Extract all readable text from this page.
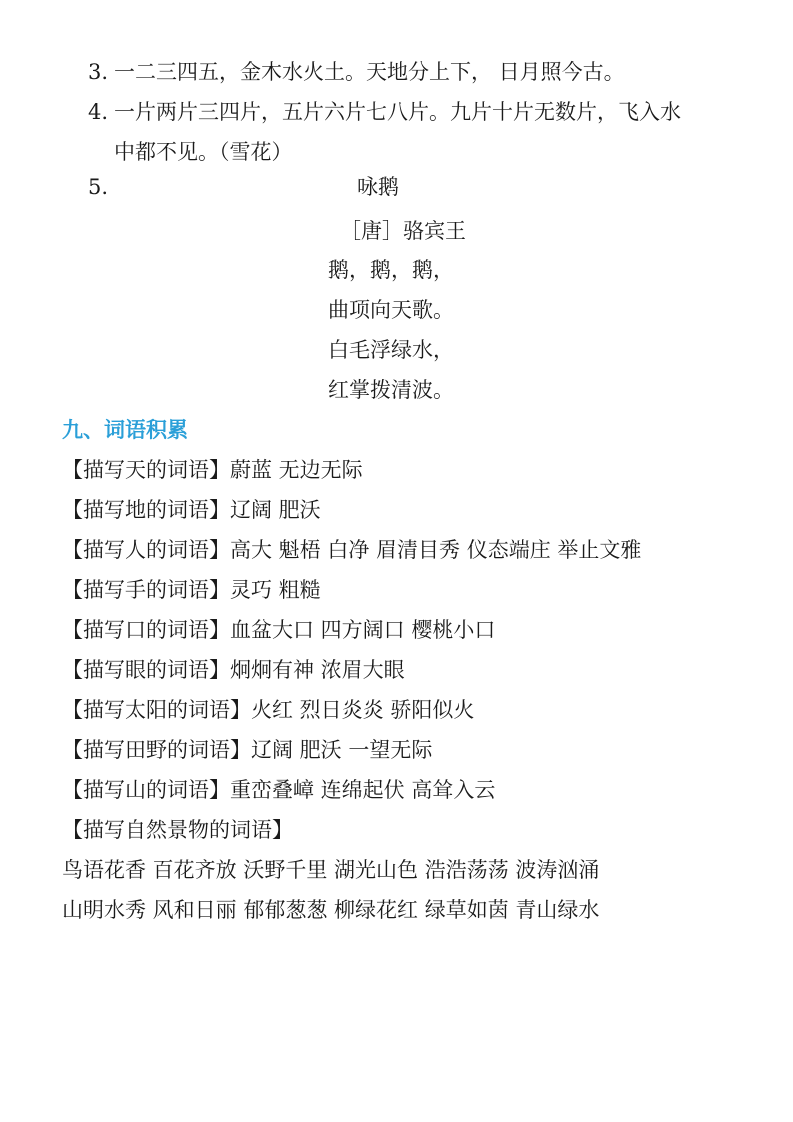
3. 一二三四五，金木水火土。天地分上下， 日月照今古。
4. 一片两片三四片，五片六片七八片。九片十片无数片，飞入水
中都不见。（雪花）
5.	咏鹅
［唐］骆宾王
鹅，鹅，鹅，
曲项向天歌。
白毛浮绿水，
红掌拨清波。
九、词语积累
【描写天的词语】蔚蓝 无边无际
【描写地的词语】辽阔 肥沃
【描写人的词语】高大 魁梧 白净 眉清目秀 仪态端庄 举止文雅
【描写手的词语】灵巧 粗糙
【描写口的词语】血盆大口 四方阔口 樱桃小口
【描写眼的词语】炯炯有神 浓眉大眼
【描写太阳的词语】火红 烈日炎炎 骄阳似火
【描写田野的词语】辽阔 肥沃 一望无际
【描写山的词语】重峦叠嶂 连绵起伏 高耸入云
【描写自然景物的词语】
鸟语花香 百花齐放 沃野千里 湖光山色 浩浩荡荡 波涛汹涌
山明水秀 风和日丽 郁郁葱葱 柳绿花红 绿草如茵 青山绿水
